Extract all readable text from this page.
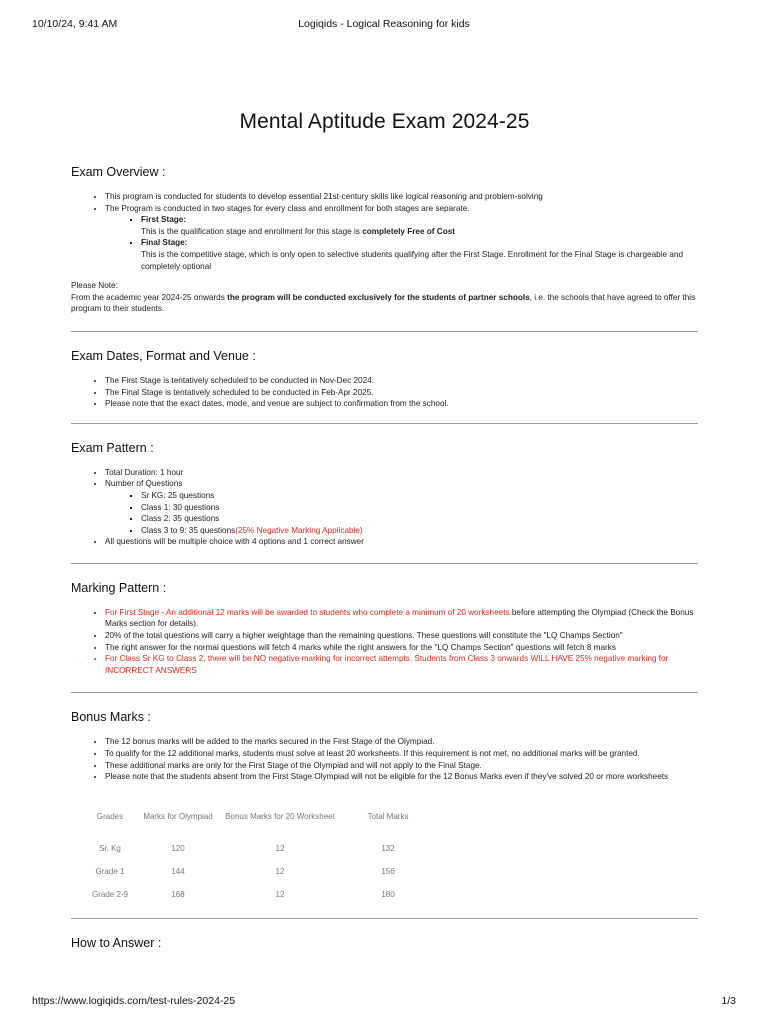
10/10/24, 9:41 AM	Logiqids - Logical Reasoning for kids
Mental Aptitude Exam 2024-25
Exam Overview :
• This program is conducted for students to develop essential 21st-century skills like logical reasoning and problem-solving
• The Program is conducted in two stages for every class and enrollment for both stages are separate.
▪ First Stage:
This is the qualification stage and enrollment for this stage is completely Free of Cost
▪ Final Stage:
This is the competitive stage, which is only open to selective students qualifying after the First Stage. Enrollment for the Final Stage is chargeable and completely optional
Please Note:
From the academic year 2024-25 onwards the program will be conducted exclusively for the students of partner schools, i.e. the schools that have agreed to offer this program to their students.
Exam Dates, Format and Venue :
• The First Stage is tentatively scheduled to be conducted in Nov-Dec 2024.
• The Final Stage is tentatively scheduled to be conducted in Feb-Apr 2025.
• Please note that the exact dates, mode, and venue are subject to confirmation from the school.
Exam Pattern :
• Total Duration: 1 hour
• Number of Questions
▪ Sr KG: 25 questions
▪ Class 1: 30 questions
▪ Class 2: 35 questions
▪ Class 3 to 9: 35 questions(25% Negative Marking Applicable)
• All questions will be multiple choice with 4 options and 1 correct answer
Marking Pattern :
• For First Stage - An additional 12 marks will be awarded to students who complete a minimum of 20 worksheets before attempting the Olympiad (Check the Bonus Marks section for details).
• 20% of the total questions will carry a higher weightage than the remaining questions. These questions will constitute the "LQ Champs Section"
• The right answer for the normal questions will fetch 4 marks while the right answers for the "LQ Champs Section" questions will fetch 8 marks
• For Class Sr KG to Class 2, there will be NO negative marking for incorrect attempts. Students from Class 3 onwards WILL HAVE 25% negative marking for INCORRECT ANSWERS
Bonus Marks :
• The 12 bonus marks will be added to the marks secured in the First Stage of the Olympiad.
• To qualify for the 12 additional marks, students must solve at least 20 worksheets. If this requirement is not met, no additional marks will be granted.
• These additional marks are only for the First Stage of the Olympiad and will not apply to the Final Stage.
• Please note that the students absent from the First Stage Olympiad will not be eligible for the 12 Bonus Marks even if they've solved 20 or more worksheets
Grades	Marks for Olympiad	Bonus Marks for 20 Worksheet	Total Marks
Sr. Kg	120	12	132
Grade 1	144	12	156
Grade 2-9	168	12	180
How to Answer :
https://www.logiqids.com/test-rules-2024-25	1/3
